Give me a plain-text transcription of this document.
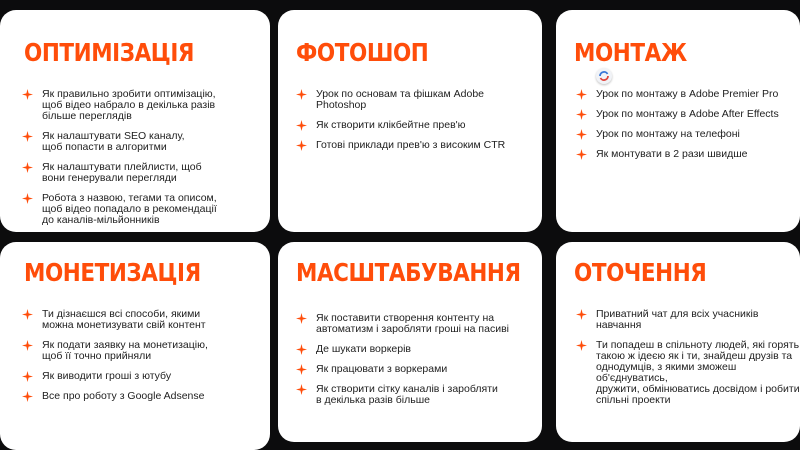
ОПТИМІЗАЦІЯ
Як правильно зробити оптимізацію,
щоб відео набрало в декілька разів
більше переглядів
Як налаштувати SEO каналу,
щоб попасти в алгоритми
Як налаштувати плейлисти, щоб
вони генерували перегляди
Робота з назвою, тегами та описом,
щоб відео попадало в рекомендації
до каналів-мільйонників
ФОТОШОП
Урок по основам та фішкам Adobe Photoshop
Як створити клікбейтне прев'ю
Готові приклади прев'ю з високим CTR
МОНТАЖ
Урок по монтажу в Adobe Premier Pro
Урок по монтажу в Adobe After Effects
Урок по монтажу на телефоні
Як монтувати в 2 рази швидше
МОНЕТИЗАЦІЯ
Ти дізнаєшся всі способи, якими
можна монетизувати свій контент
Як подати заявку на монетизацію,
щоб її точно прийняли
Як виводити гроші з ютубу
Все про роботу з Google Adsense
МАСШТАБУВАННЯ
Як поставити створення контенту на
автоматизм і заробляти гроші на пасиві
Де шукати воркерів
Як працювати з воркерами
Як створити сітку каналів і заробляти
в декілька разів більше
ОТОЧЕННЯ
Приватний чат для всіх учасників навчання
Ти попадеш в спільноту людей, які горять
такою ж ідеєю як і ти, знайдеш друзів та
однодумців, з якими зможеш об'єднуватись,
дружити, обмінюватись досвідом і робити
спільні проекти
